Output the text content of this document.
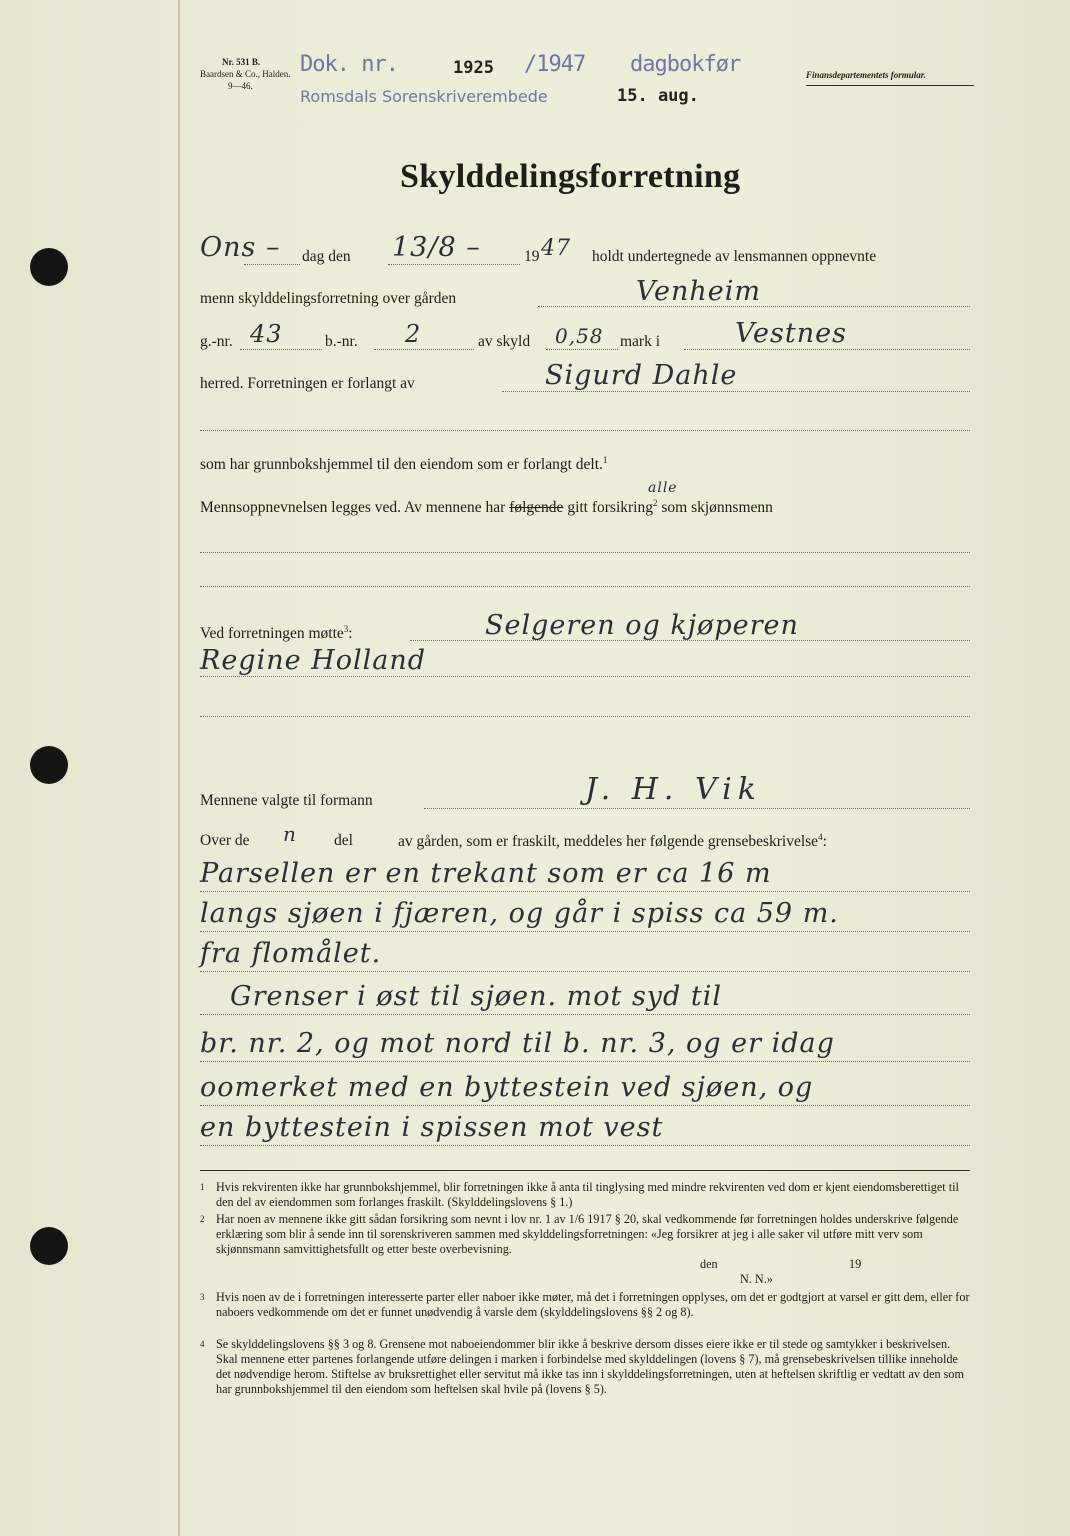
Nr. 531 B.
Baardsen & Co., Halden.
9—46.
Dok. nr.	1925 /1947 dagbokfør
Romsdals Sorenskriverembede	15. aug.
Finansdepartementets formular.
Skylddelingsforretning
Ons – dag den 13/8 –	19 47 holdt undertegnede av lensmannen oppnevnte
menn skylddelingsforretning over gården	Venheim
g.-nr. 43	b.-nr. 2	av skyld 0,58 mark i	Vestnes
herred. Forretningen er forlangt av	Sigurd Dahle
som har grunnbokshjemmel til den eiendom som er forlangt delt.$^1$
Mennsoppnevnelsen legges ved. Av mennene har følgende gitt forsikring$^2$ som skjønnsmenn
alle
Ved forretningen møtte$^3$:	Selgeren og kjøperen
Regine Holland
Mennene valgte til formann	J. H. Vik
Over de n del	av gården, som er fraskilt, meddeles her følgende grensebeskrivelse$^4$:
Parsellen er en trekant som er ca 16 m
langs sjøen i fjæren, og går i spiss ca 59 m.
fra flomålet.
Grenser i øst til sjøen. mot syd til
br. nr. 2, og mot nord til b. nr. 3, og er idag
oomerket med en byttestein ved sjøen, og
en byttestein i spissen mot vest
1 Hvis rekvirenten ikke har grunnbokshjemmel, blir forretningen ikke å anta til tinglysing med mindre rekvirenten ved dom er kjent eiendomsberettiget til den del av eiendommen som forlanges fraskilt. (Skylddelingslovens § 1.)
2 Har noen av mennene ikke gitt sådan forsikring som nevnt i lov nr. 1 av 1/6 1917 § 20, skal vedkommende før forretningen holdes underskrive følgende erklæring som blir å sende inn til sorenskriveren sammen med skylddelingsforretningen: «Jeg forsikrer at jeg i alle saker vil utføre mitt verv som skjønnsmann samvittighetsfullt og etter beste overbevisning.
den	19
N. N.»
3 Hvis noen av de i forretningen interesserte parter eller naboer ikke møter, må det i forretningen opplyses, om det er godtgjort at varsel er gitt dem, eller for naboers vedkommende om det er funnet unødvendig å varsle dem (skylddelingslovens §§ 2 og 8).
4 Se skylddelingslovens §§ 3 og 8. Grensene mot naboeiendommer blir ikke å beskrive dersom disses eiere ikke er til stede og samtykker i beskrivelsen. Skal mennene etter partenes forlangende utføre delingen i marken i forbindelse med skylddelingen (lovens § 7), må grensebeskrivelsen tillike inneholde det nødvendige herom. Stiftelse av bruksrettighet eller servitut må ikke tas inn i skylddelingsforretningen, uten at heftelsen skriftlig er vedtatt av den som har grunnbokshjemmel til den eiendom som heftelsen skal hvile på (lovens § 5).
